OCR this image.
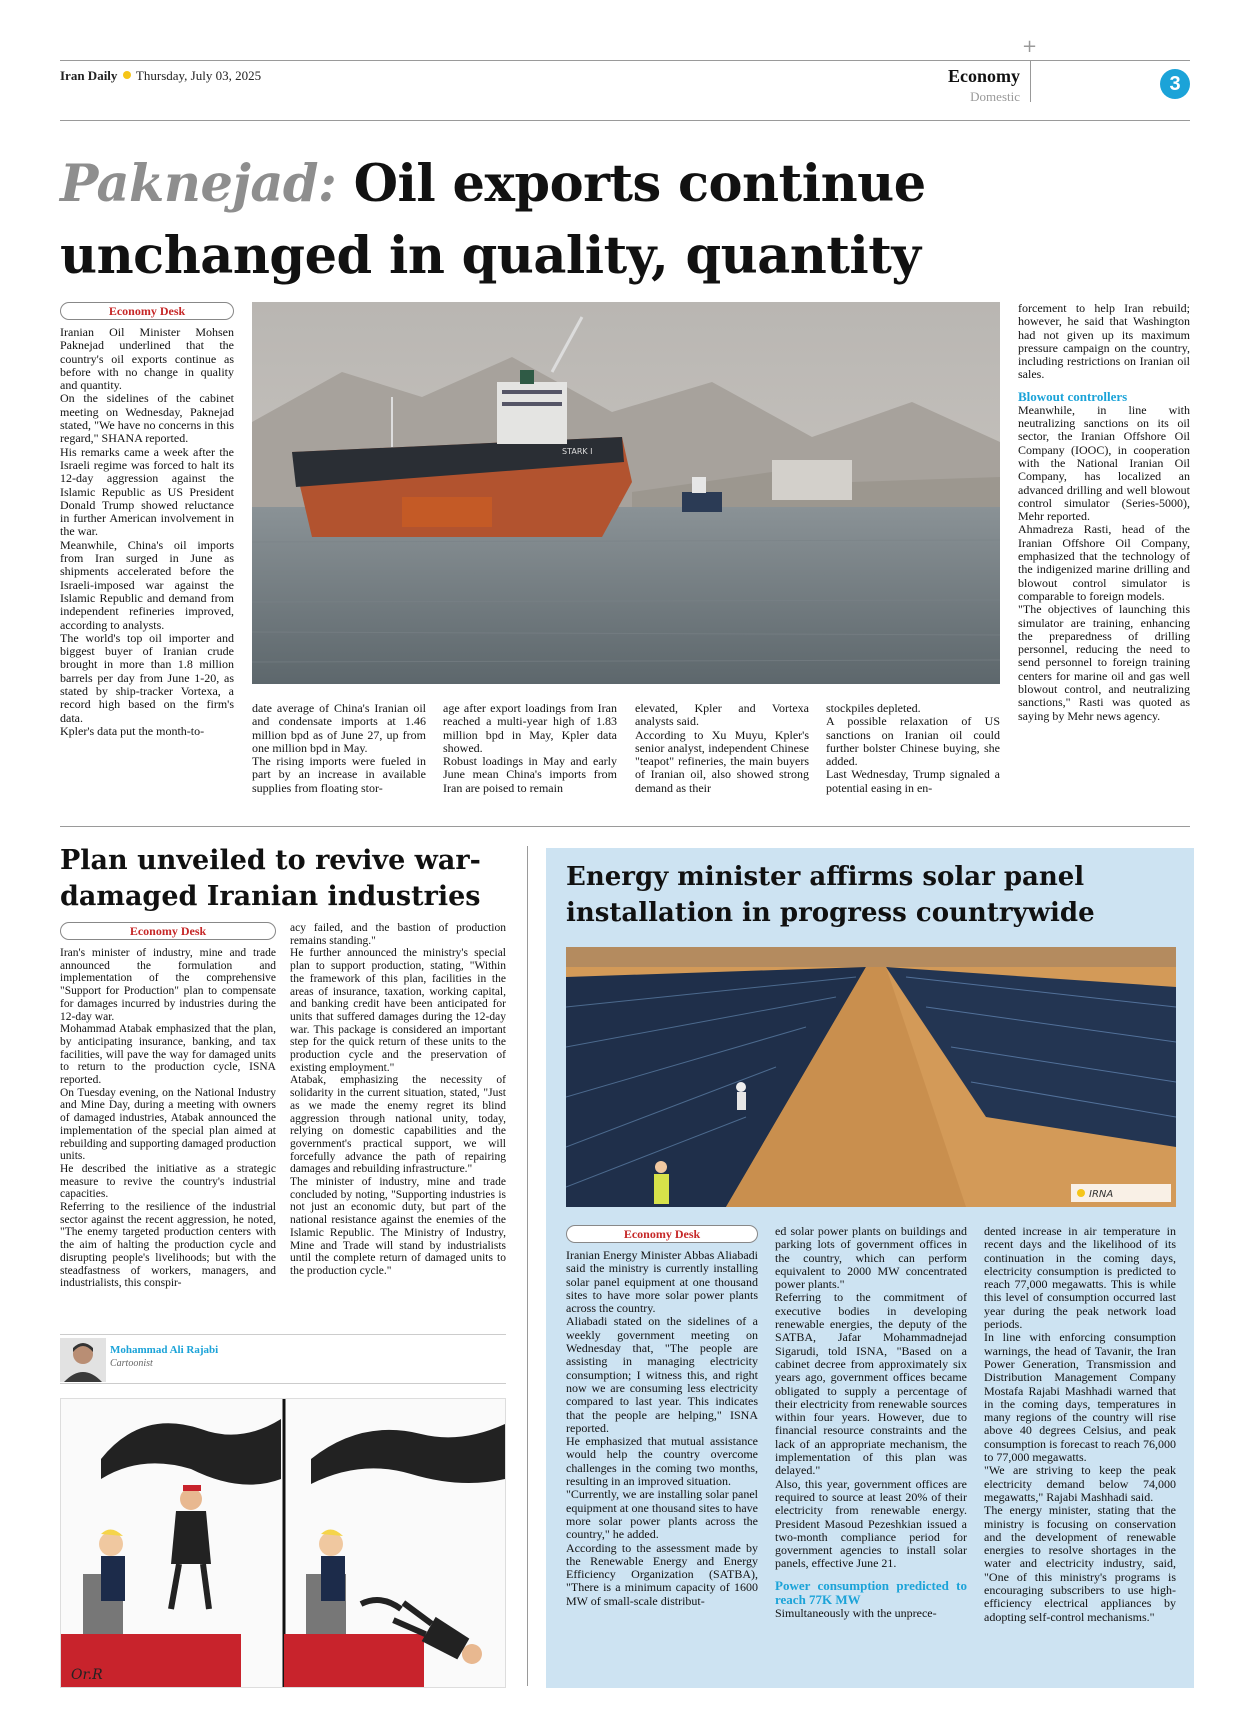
Iran Daily Thursday, July 03, 2025	Economy
Domestic
+
3
Paknejad: Oil exports continue unchanged in quality, quantity
Economy Desk

Iranian Oil Minister Mohsen Paknejad underlined that the country's oil exports continue as before with no change in quality and quantity.

On the sidelines of the cabinet meeting on Wednesday, Paknejad stated, "We have no concerns in this regard," SHANA reported.

His remarks came a week after the Israeli regime was forced to halt its 12-day aggression against the Islamic Republic as US President Donald Trump showed reluctance in further American involvement in the war.

Meanwhile, China's oil imports from Iran surged in June as shipments accelerated before the Israeli-imposed war against the Islamic Republic and demand from independent refineries improved, according to analysts.

The world's top oil importer and biggest buyer of Iranian crude brought in more than 1.8 million barrels per day from June 1-20, as stated by ship-tracker Vortexa, a record high based on the firm's data.

Kpler's data put the month-to-

STARK I

date average of China's Iranian oil and condensate imports at 1.46 million bpd as of June 27, up from one million bpd in May.

The rising imports were fueled in part by an increase in available supplies from floating stor-

age after export loadings from Iran reached a multi-year high of 1.83 million bpd in May, Kpler data showed.

Robust loadings in May and early June mean China's imports from Iran are poised to remain

elevated, Kpler and Vortexa analysts said.

According to Xu Muyu, Kpler's senior analyst, independent Chinese "teapot" refineries, the main buyers of Iranian oil, also showed strong demand as their

stockpiles depleted.

A possible relaxation of US sanctions on Iranian oil could further bolster Chinese buying, she added.

Last Wednesday, Trump signaled a potential easing in en-

forcement to help Iran rebuild; however, he said that Washington had not given up its maximum pressure campaign on the country, including restrictions on Iranian oil sales.

Blowout controllers

Meanwhile, in line with neutralizing sanctions on its oil sector, the Iranian Offshore Oil Company (IOOC), in cooperation with the National Iranian Oil Company, has localized an advanced drilling and well blowout control simulator (Series-5000), Mehr reported.

Ahmadreza Rasti, head of the Iranian Offshore Oil Company, emphasized that the technology of the indigenized marine drilling and blowout control simulator is comparable to foreign models.

"The objectives of launching this simulator are training, enhancing the preparedness of drilling personnel, reducing the need to send personnel to foreign training centers for marine oil and gas well blowout control, and neutralizing sanctions," Rasti was quoted as saying by Mehr news agency.

Plan unveiled to revive war-damaged Iranian industries
Economy Desk

Iran's minister of industry, mine and trade announced the formulation and implementation of the comprehensive "Support for Production" plan to compensate for damages incurred by industries during the 12-day war.

Mohammad Atabak emphasized that the plan, by anticipating insurance, banking, and tax facilities, will pave the way for damaged units to return to the production cycle, ISNA reported.

On Tuesday evening, on the National Industry and Mine Day, during a meeting with owners of damaged industries, Atabak announced the implementation of the special plan aimed at rebuilding and supporting damaged production units.

He described the initiative as a strategic measure to revive the country's industrial capacities.

Referring to the resilience of the industrial sector against the recent aggression, he noted, "The enemy targeted production centers with the aim of halting the production cycle and disrupting people's livelihoods; but with the steadfastness of workers, managers, and industrialists, this conspir-

acy failed, and the bastion of production remains standing."

He further announced the ministry's special plan to support production, stating, "Within the framework of this plan, facilities in the areas of insurance, taxation, working capital, and banking credit have been anticipated for units that suffered damages during the 12-day war. This package is considered an important step for the quick return of these units to the production cycle and the preservation of existing employment."

Atabak, emphasizing the necessity of solidarity in the current situation, stated, "Just as we made the enemy regret its blind aggression through national unity, today, relying on domestic capabilities and the government's practical support, we will forcefully advance the path of repairing damages and rebuilding infrastructure."

The minister of industry, mine and trade concluded by noting, "Supporting industries is not just an economic duty, but part of the national resistance against the enemies of the Islamic Republic. The Ministry of Industry, Mine and Trade will stand by industrialists until the complete return of damaged units to the production cycle."

Mohammad Ali Rajabi
Cartoonist
Or.R
Energy minister affirms solar panel installation in progress countrywide
IRNA
Economy Desk

Iranian Energy Minister Abbas Aliabadi said the ministry is currently installing solar panel equipment at one thousand sites to have more solar power plants across the country.

Aliabadi stated on the sidelines of a weekly government meeting on Wednesday that, "The people are assisting in managing electricity consumption; I witness this, and right now we are consuming less electricity compared to last year. This indicates that the people are helping," ISNA reported.

He emphasized that mutual assistance would help the country overcome challenges in the coming two months, resulting in an improved situation.

"Currently, we are installing solar panel equipment at one thousand sites to have more solar power plants across the country," he added.

According to the assessment made by the Renewable Energy and Energy Efficiency Organization (SATBA), "There is a minimum capacity of 1600 MW of small-scale distribut-

ed solar power plants on buildings and parking lots of government offices in the country, which can perform equivalent to 2000 MW concentrated power plants."

Referring to the commitment of executive bodies in developing renewable energies, the deputy of the SATBA, Jafar Mohammadnejad Sigarudi, told ISNA, "Based on a cabinet decree from approximately six years ago, government offices became obligated to supply a percentage of their electricity from renewable sources within four years. However, due to financial resource constraints and the lack of an appropriate mechanism, the implementation of this plan was delayed."

Also, this year, government offices are required to source at least 20% of their electricity from renewable energy. President Masoud Pezeshkian issued a two-month compliance period for government agencies to install solar panels, effective June 21.

Power consumption predicted to reach 77K MW

Simultaneously with the unprece-

dented increase in air temperature in recent days and the likelihood of its continuation in the coming days, electricity consumption is predicted to reach 77,000 megawatts. This is while this level of consumption occurred last year during the peak network load periods.

In line with enforcing consumption warnings, the head of Tavanir, the Iran Power Generation, Transmission and Distribution Management Company Mostafa Rajabi Mashhadi warned that in the coming days, temperatures in many regions of the country will rise above 40 degrees Celsius, and peak consumption is forecast to reach 76,000 to 77,000 megawatts.

"We are striving to keep the peak electricity demand below 74,000 megawatts," Rajabi Mashhadi said.

The energy minister, stating that the ministry is focusing on conservation and the development of renewable energies to resolve shortages in the water and electricity industry, said, "One of this ministry's programs is encouraging subscribers to use high-efficiency electrical appliances by adopting self-control mechanisms."
